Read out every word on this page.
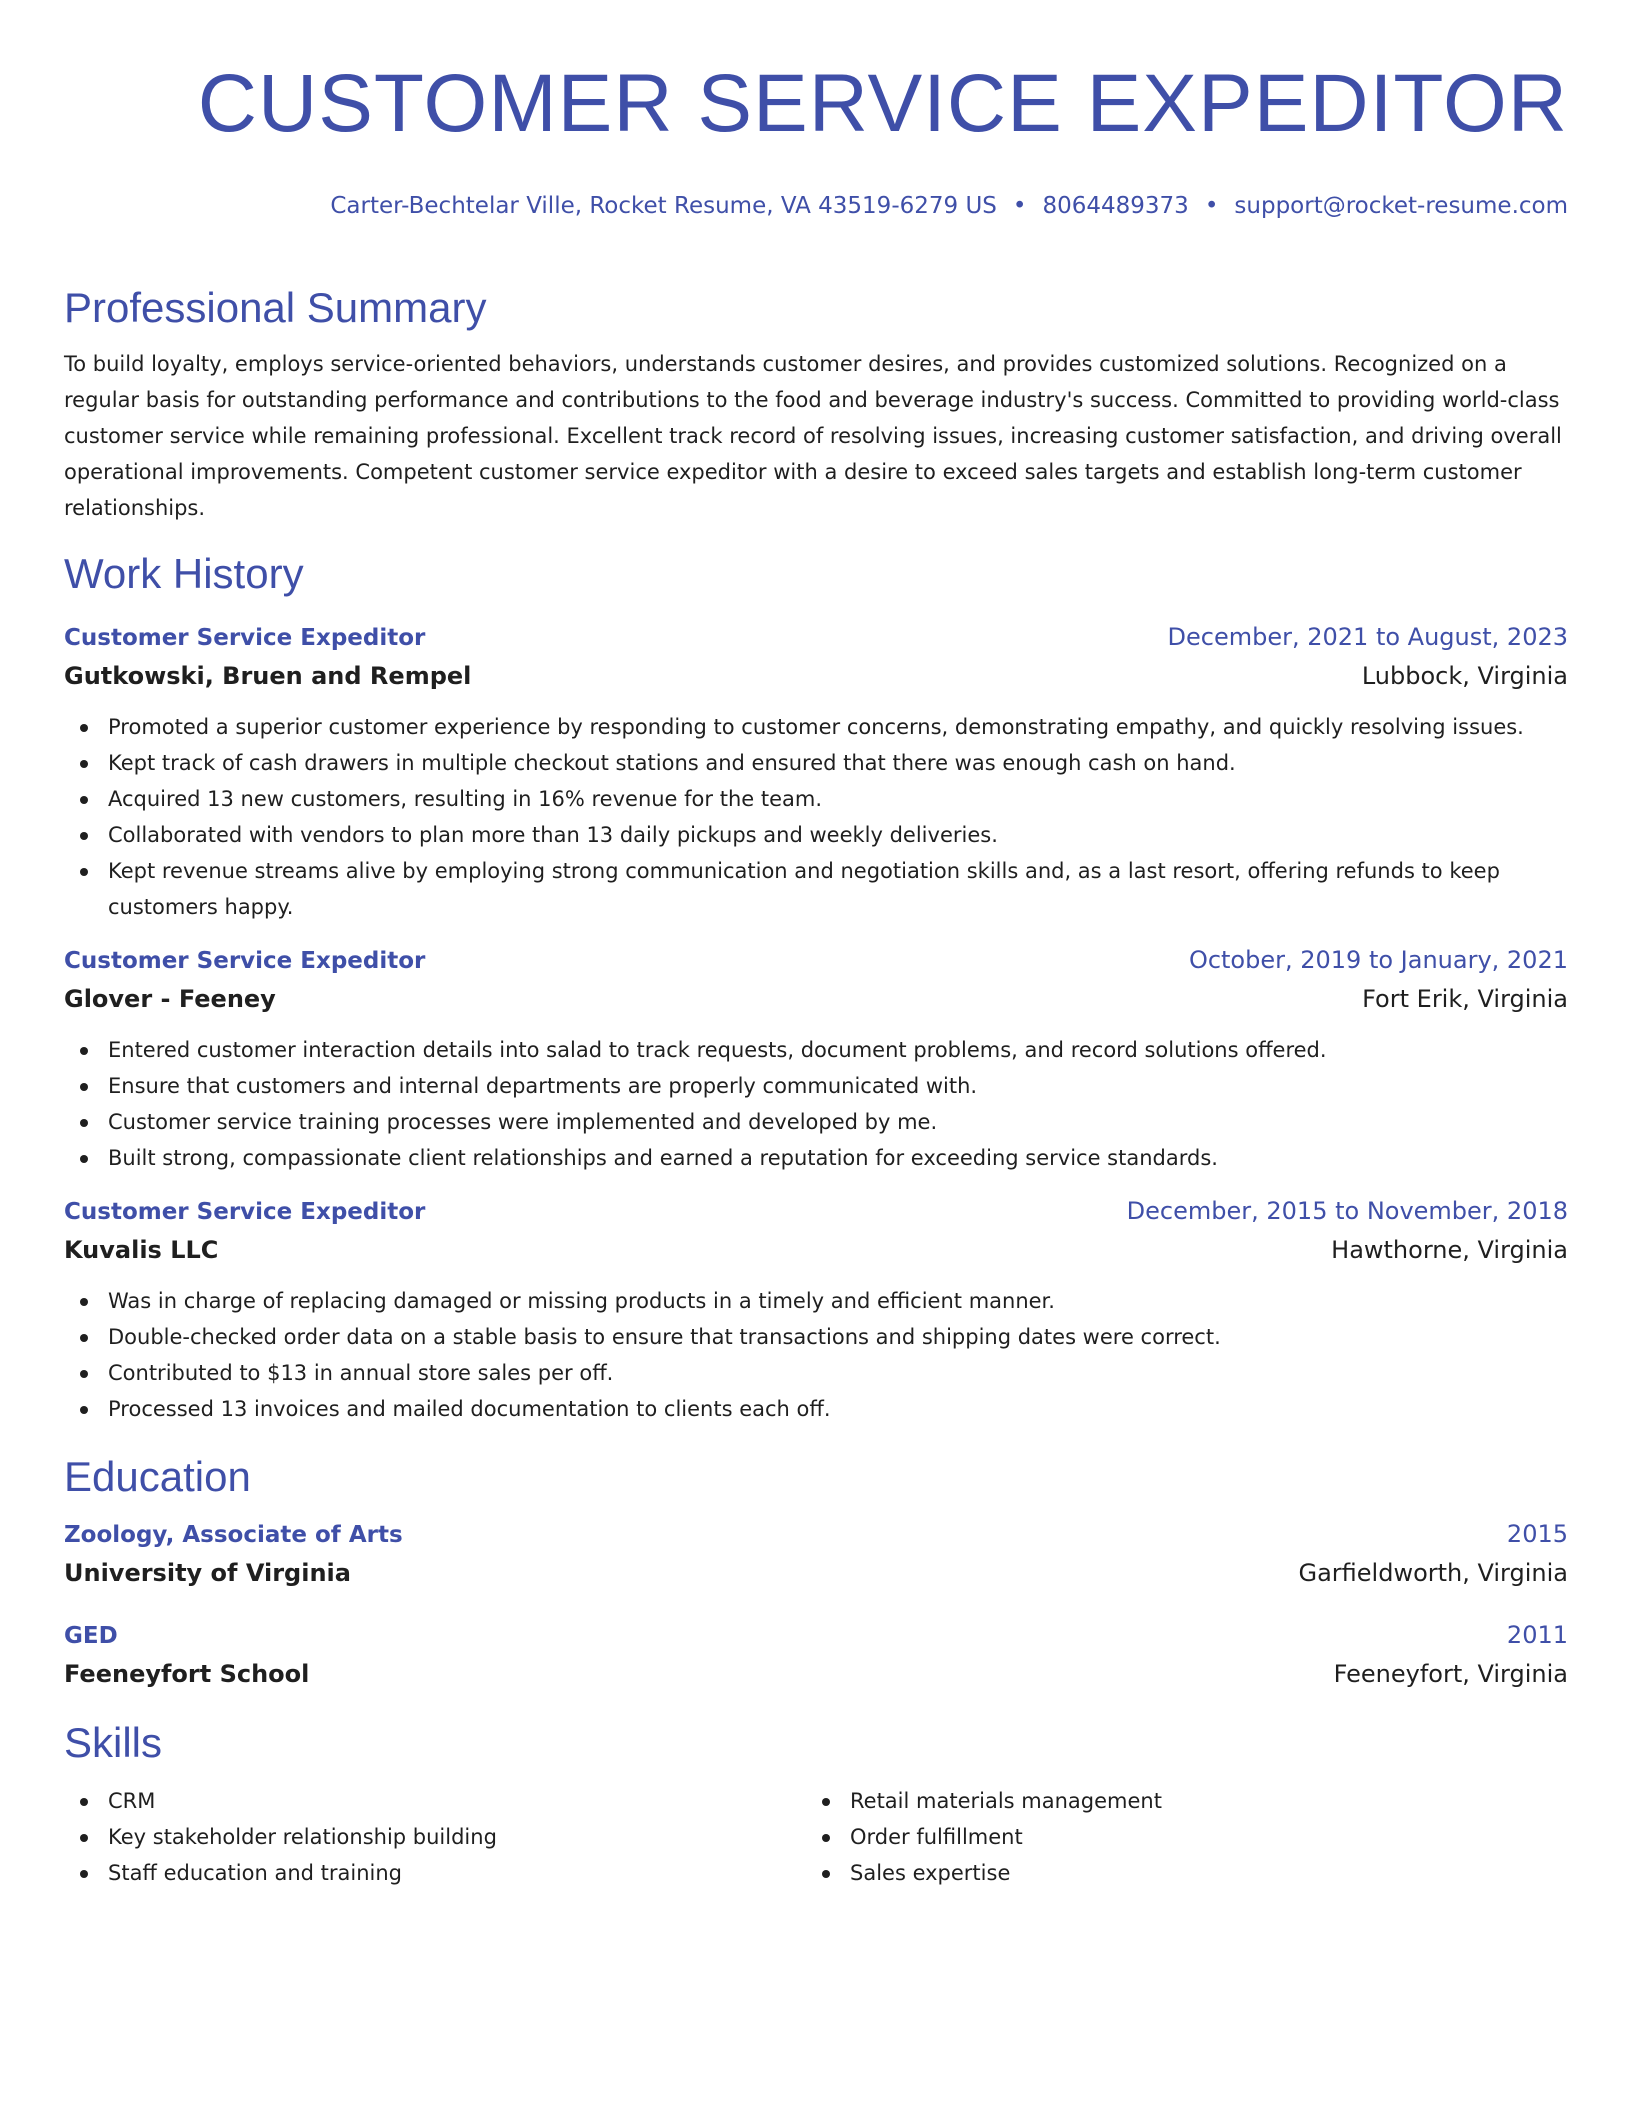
CUSTOMER SERVICE EXPEDITOR
Carter-Bechtelar Ville, Rocket Resume, VA 43519-6279 US • 8064489373 • support@rocket-resume.com
Professional Summary
To build loyalty, employs service-oriented behaviors, understands customer desires, and provides customized solutions. Recognized on a regular basis for outstanding performance and contributions to the food and beverage industry's success. Committed to providing world-class customer service while remaining professional. Excellent track record of resolving issues, increasing customer satisfaction, and driving overall operational improvements. Competent customer service expeditor with a desire to exceed sales targets and establish long-term customer relationships.
Work History
Customer Service Expeditor	December, 2021 to August, 2023
Gutkowski, Bruen and Rempel	Lubbock, Virginia
Promoted a superior customer experience by responding to customer concerns, demonstrating empathy, and quickly resolving issues.
Kept track of cash drawers in multiple checkout stations and ensured that there was enough cash on hand.
Acquired 13 new customers, resulting in 16% revenue for the team.
Collaborated with vendors to plan more than 13 daily pickups and weekly deliveries.
Kept revenue streams alive by employing strong communication and negotiation skills and, as a last resort, offering refunds to keep customers happy.
Customer Service Expeditor	October, 2019 to January, 2021
Glover - Feeney	Fort Erik, Virginia
Entered customer interaction details into salad to track requests, document problems, and record solutions offered.
Ensure that customers and internal departments are properly communicated with.
Customer service training processes were implemented and developed by me.
Built strong, compassionate client relationships and earned a reputation for exceeding service standards.
Customer Service Expeditor	December, 2015 to November, 2018
Kuvalis LLC	Hawthorne, Virginia
Was in charge of replacing damaged or missing products in a timely and efficient manner.
Double-checked order data on a stable basis to ensure that transactions and shipping dates were correct.
Contributed to $13 in annual store sales per off.
Processed 13 invoices and mailed documentation to clients each off.
Education
Zoology, Associate of Arts	2015
University of Virginia	Garfieldworth, Virginia
GED	2011
Feeneyfort School	Feeneyfort, Virginia
Skills
CRM
Key stakeholder relationship building
Staff education and training
Retail materials management
Order fulfillment
Sales expertise
